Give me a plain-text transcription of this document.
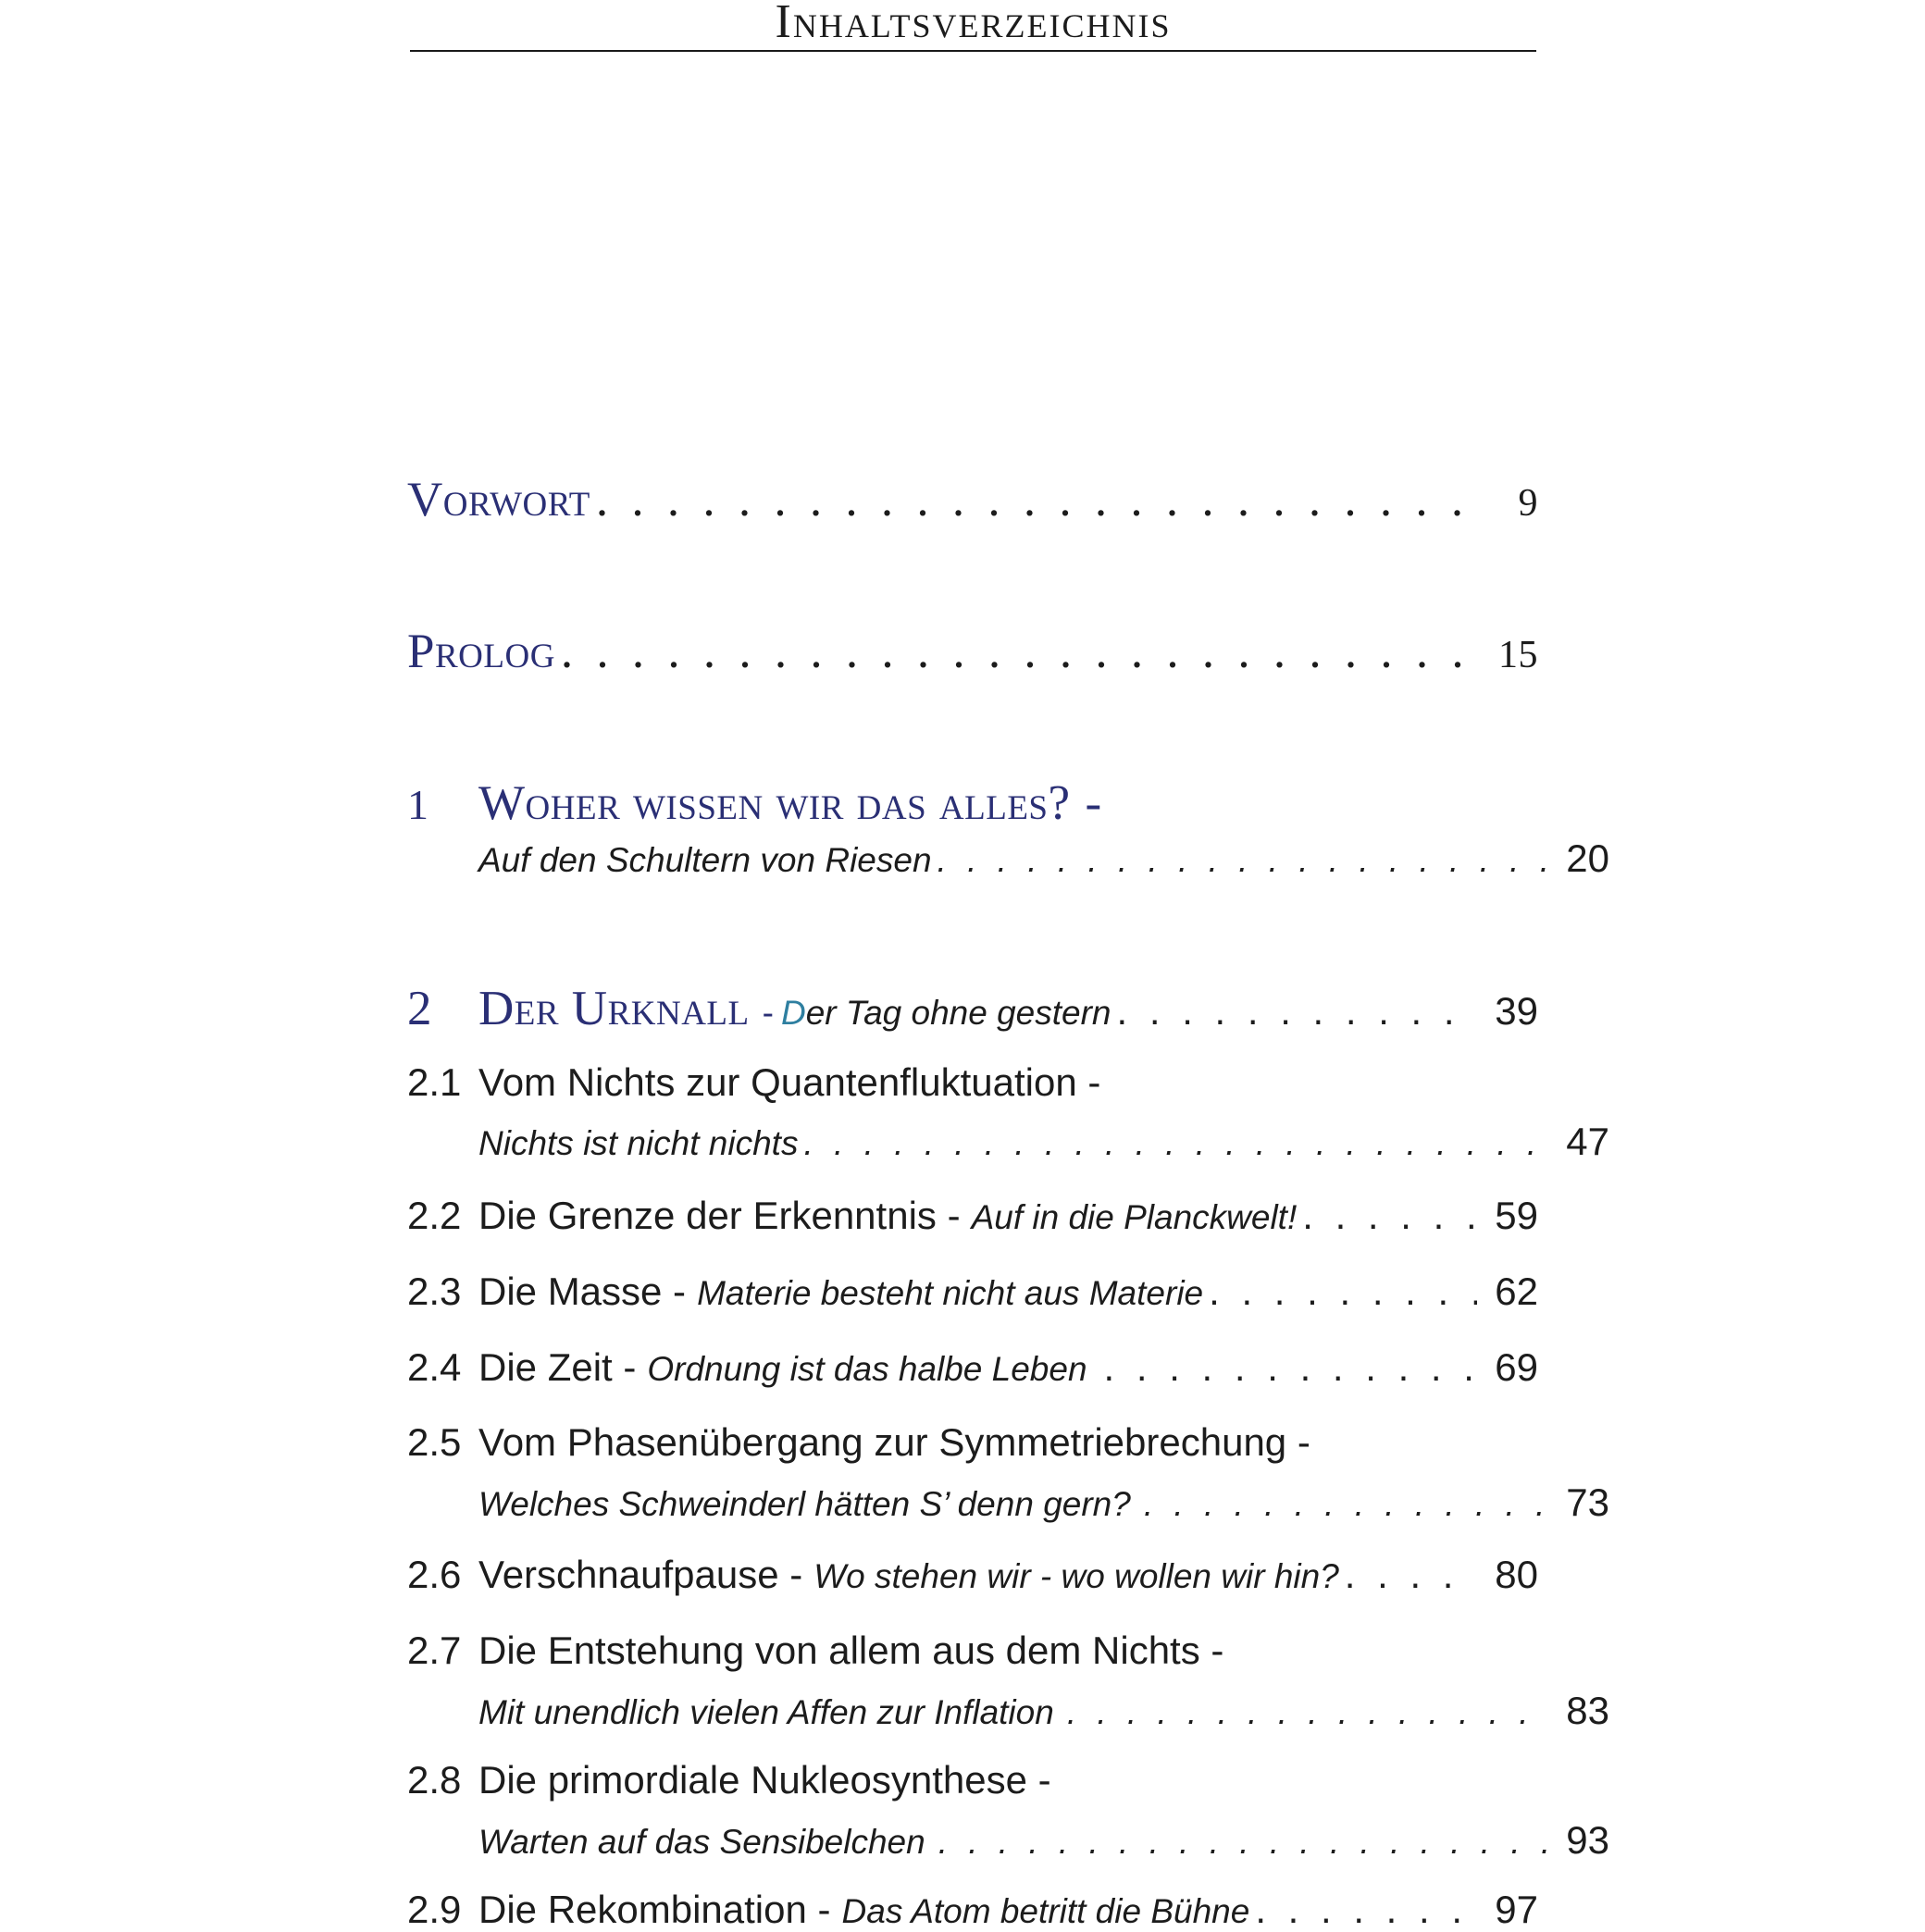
Inhaltsverzeichnis
Vorwort . . .	9
Prolog . . .	15
1	Woher wissen wir das alles? -
Auf den Schultern von Riesen . . .	20
2 Der Urknall - D er Tag ohne gestern . . .	39
2.1 Vom Nichts zur Quantenfluktuation -
Nichts ist nicht nichts . . .	47
2.2 Die Grenze der Erkenntnis - Auf in die Planckwelt! . . .	59
2.3 Die Masse - Materie besteht nicht aus Materie . . .	62
2.4 Die Zeit - Ordnung ist das halbe Leben . . .	69
2.5 Vom Phasenübergang zur Symmetriebrechung -
Welches Schweinderl hätten S’ denn gern? . . .	73
2.6 Verschnaufpause - Wo stehen wir - wo wollen wir hin? . . .	80
2.7 Die Entstehung von allem aus dem Nichts -
Mit unendlich vielen Affen zur Inflation . . .	83
2.8 Die primordiale Nukleosynthese -
Warten auf das Sensibelchen . . .	93
2.9 Die Rekombination - Das Atom betritt die Bühne . . .	97
